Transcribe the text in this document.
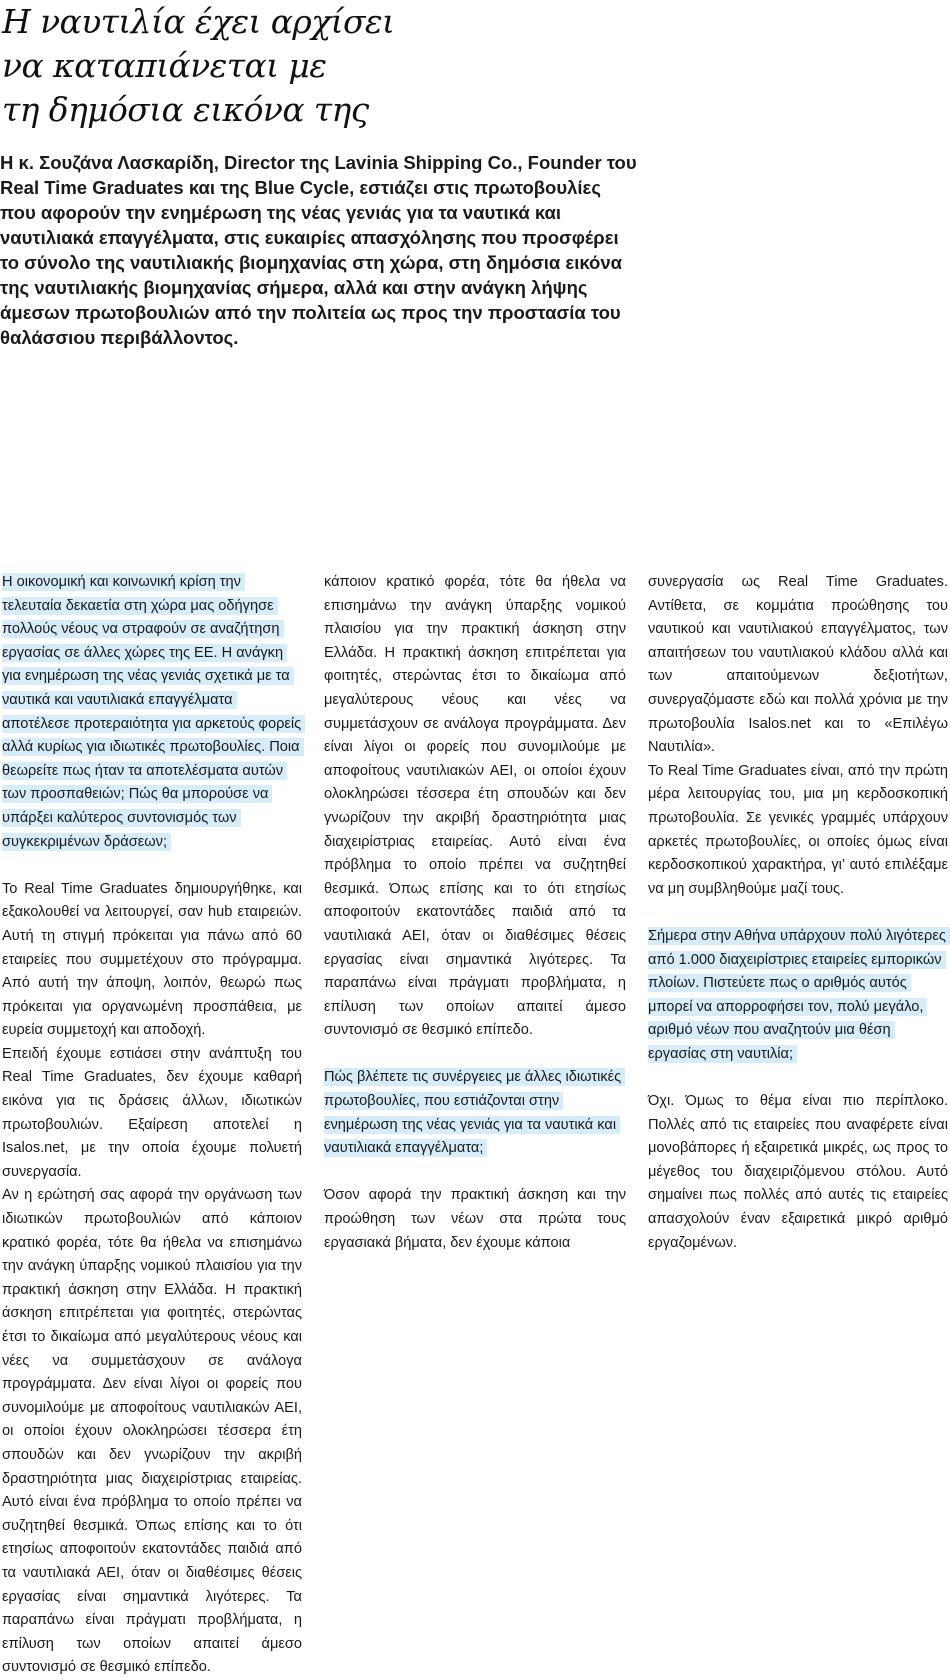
Η ναυτιλία έχει αρχίσει
να καταπιάνεται με
τη δημόσια εικόνα της

Η κ. Σουζάνα Λασκαρίδη, Director της Lavinia Shipping Co., Founder του Real Time Graduates και της Blue Cycle, εστιάζει στις πρωτοβουλίες που αφορούν την ενημέρωση της νέας γενιάς για τα ναυτικά και ναυτιλιακά επαγγέλματα, στις ευκαιρίες απασχόλησης που προσφέρει το σύνολο της ναυτιλιακής βιομηχανίας στη χώρα, στη δημόσια εικόνα της ναυτιλιακής βιομηχανίας σήμερα, αλλά και στην ανάγκη λήψης άμεσων πρωτοβουλιών από την πολιτεία ως προς την προστασία του θαλάσσιου περιβάλλοντος.

Η οικονομική και κοινωνική κρίση την τελευταία δεκαετία στη χώρα μας οδήγησε πολλούς νέους να στραφούν σε αναζήτηση εργασίας σε άλλες χώρες της ΕΕ. Η ανάγκη για ενημέρωση της νέας γενιάς σχετικά με τα ναυτικά και ναυτιλιακά επαγγέλματα αποτέλεσε προτεραιότητα για αρκετούς φορείς αλλά κυρίως για ιδιωτικές πρωτοβουλίες. Ποια θεωρείτε πως ήταν τα αποτελέσματα αυτών των προσπαθειών; Πώς θα μπορούσε να υπάρξει καλύτερος συντονισμός των συγκεκριμένων δράσεων;

Το Real Time Graduates δημιουργήθηκε, και εξακολουθεί να λειτουργεί, σαν hub εταιρειών. Αυτή τη στιγμή πρόκειται για πάνω από 60 εταιρείες που συμμετέχουν στο πρόγραμμα. Από αυτή την άποψη, λοιπόν, θεωρώ πως πρόκειται για οργανωμένη προσπάθεια, με ευρεία συμμετοχή και αποδοχή.

Επειδή έχουμε εστιάσει στην ανάπτυξη του Real Time Graduates, δεν έχουμε καθαρή εικόνα για τις δράσεις άλλων, ιδιωτικών πρωτοβουλιών. Εξαίρεση αποτελεί η Isalos.net, με την οποία έχουμε πολυετή συνεργασία.

Αν η ερώτησή σας αφορά την οργάνωση των ιδιωτικών πρωτοβουλιών από κάποιον κρατικό φορέα, τότε θα ήθελα να επισημάνω την ανάγκη ύπαρξης νομικού πλαισίου για την πρακτική άσκηση στην Ελλάδα. Η πρακτική άσκηση επιτρέπεται για φοιτητές, στερώντας έτσι το δικαίωμα από μεγαλύτερους νέους και νέες να συμμετάσχουν σε ανάλογα προγράμματα. Δεν είναι λίγοι οι φορείς που συνομιλούμε με αποφοίτους ναυτιλιακών ΑΕΙ, οι οποίοι έχουν ολοκληρώσει τέσσερα έτη σπουδών και δεν γνωρίζουν την ακριβή δραστηριότητα μιας διαχειρίστριας εταιρείας. Αυτό είναι ένα πρόβλημα το οποίο πρέπει να συζητηθεί θεσμικά. Όπως επίσης και το ότι ετησίως αποφοιτούν εκατοντάδες παιδιά από τα ναυτιλιακά ΑΕΙ, όταν οι διαθέσιμες θέσεις εργασίας είναι σημαντικά λιγότερες. Τα παραπάνω είναι πράγματι προβλήματα, η επίλυση των οποίων απαιτεί άμεσο συντονισμό σε θεσμικό επίπεδο.

κάποιον κρατικό φορέα, τότε θα ήθελα να επισημάνω την ανάγκη ύπαρξης νομικού πλαισίου για την πρακτική άσκηση στην Ελλάδα. Η πρακτική άσκηση επιτρέπεται για φοιτητές, στερώντας έτσι το δικαίωμα από μεγαλύτερους νέους και νέες να συμμετάσχουν σε ανάλογα προγράμματα. Δεν είναι λίγοι οι φορείς που συνομιλούμε με αποφοίτους ναυτιλιακών ΑΕΙ, οι οποίοι έχουν ολοκληρώσει τέσσερα έτη σπουδών και δεν γνωρίζουν την ακριβή δραστηριότητα μιας διαχειρίστριας εταιρείας. Αυτό είναι ένα πρόβλημα το οποίο πρέπει να συζητηθεί θεσμικά. Όπως επίσης και το ότι ετησίως αποφοιτούν εκατοντάδες παιδιά από τα ναυτιλιακά ΑΕΙ, όταν οι διαθέσιμες θέσεις εργασίας είναι σημαντικά λιγότερες. Τα παραπάνω είναι πράγματι προβλήματα, η επίλυση των οποίων απαιτεί άμεσο συντονισμό σε θεσμικό επίπεδο.

Πώς βλέπετε τις συνέργειες με άλλες ιδιωτικές πρωτοβουλίες, που εστιάζονται στην ενημέρωση της νέας γενιάς για τα ναυτικά και ναυτιλιακά επαγγέλματα;

Όσον αφορά την πρακτική άσκηση και την προώθηση των νέων στα πρώτα τους εργασιακά βήματα, δεν έχουμε κάποια

συνεργασία ως Real Time Graduates. Αντίθετα, σε κομμάτια προώθησης του ναυτικού και ναυτιλιακού επαγγέλματος, των απαιτήσεων του ναυτιλιακού κλάδου αλλά και των απαιτούμενων δεξιοτήτων, συνεργαζόμαστε εδώ και πολλά χρόνια με την πρωτοβουλία Isalos.net και το «Επιλέγω Ναυτιλία».

Το Real Time Graduates είναι, από την πρώτη μέρα λειτουργίας του, μια μη κερδοσκοπική πρωτοβουλία. Σε γενικές γραμμές υπάρχουν αρκετές πρωτοβουλίες, οι οποίες όμως είναι κερδοσκοπικού χαρακτήρα, γι’ αυτό επιλέξαμε να μη συμβληθούμε μαζί τους.

Σήμερα στην Αθήνα υπάρχουν πολύ λιγότερες από 1.000 διαχειρίστριες εταιρείες εμπορικών πλοίων. Πιστεύετε πως ο αριθμός αυτός μπορεί να απορροφήσει τον, πολύ μεγάλο, αριθμό νέων που αναζητούν μια θέση εργασίας στη ναυτιλία;

Όχι. Όμως το θέμα είναι πιο περίπλοκο. Πολλές από τις εταιρείες που αναφέρετε είναι μονοβάπορες ή εξαιρετικά μικρές, ως προς το μέγεθος του διαχειριζόμενου στόλου. Αυτό σημαίνει πως πολλές από αυτές τις εταιρείες απασχολούν έναν εξαιρετικά μικρό αριθμό εργαζομένων.
